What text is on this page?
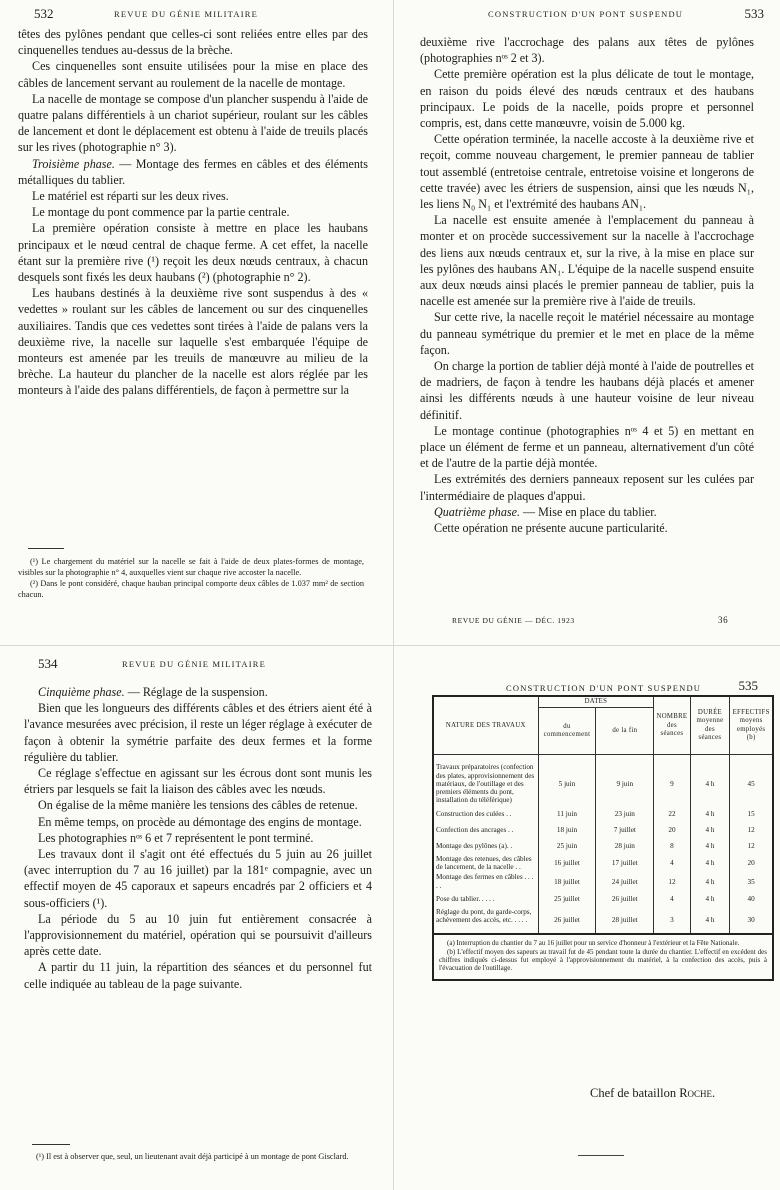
532	REVUE DU GÉNIE MILITAIRE

têtes des pylônes pendant que celles-ci sont reliées entre elles par des cinquenelles tendues au-dessus de la brèche.

Ces cinquenelles sont ensuite utilisées pour la mise en place des câbles de lancement servant au roulement de la nacelle de montage.

La nacelle de montage se compose d'un plancher suspendu à l'aide de quatre palans différentiels à un chariot supérieur, roulant sur les câbles de lancement et dont le déplacement est obtenu à l'aide de treuils placés sur les rives (photographie n° 3).

Troisième phase. — Montage des fermes en câbles et des éléments métalliques du tablier.

Le matériel est réparti sur les deux rives.

Le montage du pont commence par la partie centrale.

La première opération consiste à mettre en place les haubans principaux et le nœud central de chaque ferme. A cet effet, la nacelle étant sur la première rive (¹) reçoit les deux nœuds centraux, à chacun desquels sont fixés les deux haubans (²) (photographie n° 2).

Les haubans destinés à la deuxième rive sont suspendus à des « vedettes » roulant sur les câbles de lancement ou sur des cinquenelles auxiliaires. Tandis que ces vedettes sont tirées à l'aide de palans vers la deuxième rive, la nacelle sur laquelle s'est embarquée l'équipe de monteurs est amenée par les treuils de manœuvre au milieu de la brèche. La hauteur du plancher de la nacelle est alors réglée par les monteurs à l'aide des palans différentiels, de façon à permettre sur la

(¹) Le chargement du matériel sur la nacelle se fait à l'aide de deux plates-formes de montage, visibles sur la photographie n° 4, auxquelles vient sur chaque rive accoster la nacelle.

(²) Dans le pont considéré, chaque hauban principal comporte deux câbles de 1.037 mm² de section chacun.

CONSTRUCTION D'UN PONT SUSPENDU	533

deuxième rive l'accrochage des palans aux têtes de pylônes (photographies nᵒˢ 2 et 3).

Cette première opération est la plus délicate de tout le montage, en raison du poids élevé des nœuds centraux et des haubans principaux. Le poids de la nacelle, poids propre et personnel compris, est, dans cette manœuvre, voisin de 5.000 kg.

Cette opération terminée, la nacelle accoste à la deuxième rive et reçoit, comme nouveau chargement, le premier panneau de tablier tout assemblé (entretoise centrale, entretoise voisine et longerons de cette travée) avec les étriers de suspension, ainsi que les nœuds N₁, les liens N₀ N₁ et l'extrémité des haubans AN₁.

La nacelle est ensuite amenée à l'emplacement du panneau à monter et on procède successivement sur la nacelle à l'accrochage des liens aux nœuds centraux et, sur la rive, à la mise en place sur les pylônes des haubans AN₁. L'équipe de la nacelle suspend ensuite aux deux nœuds ainsi placés le premier panneau de tablier, puis la nacelle est amenée sur la première rive à l'aide de treuils.

Sur cette rive, la nacelle reçoit le matériel nécessaire au montage du panneau symétrique du premier et le met en place de la même façon.

On charge la portion de tablier déjà monté à l'aide de poutrelles et de madriers, de façon à tendre les haubans déjà placés et amener ainsi les différents nœuds à une hauteur voisine de leur niveau définitif.

Le montage continue (photographies nᵒˢ 4 et 5) en mettant en place un élément de ferme et un panneau, alternativement d'un côté et de l'autre de la partie déjà montée.

Les extrémités des derniers panneaux reposent sur les culées par l'intermédiaire de plaques d'appui.

Quatrième phase. — Mise en place du tablier.

Cette opération ne présente aucune particularité.

REVUE DU GÉNIE — DÉC. 1923	36
534	REVUE DU GÉNIE MILITAIRE

Cinquième phase. — Réglage de la suspension.

Bien que les longueurs des différents câbles et des étriers aient été à l'avance mesurées avec précision, il reste un léger réglage à exécuter de façon à obtenir la symétrie parfaite des deux fermes et la forme régulière du tablier.

Ce réglage s'effectue en agissant sur les écrous dont sont munis les étriers par lesquels se fait la liaison des câbles avec les nœuds.

On égalise de la même manière les tensions des câbles de retenue.

En même temps, on procède au démontage des engins de montage.

Les photographies nᵒˢ 6 et 7 représentent le pont terminé.

Les travaux dont il s'agit ont été effectués du 5 juin au 26 juillet (avec interruption du 7 au 16 juillet) par la 181ᵉ compagnie, avec un effectif moyen de 45 caporaux et sapeurs encadrés par 2 officiers et 4 sous-officiers (¹).

La période du 5 au 10 juin fut entièrement consacrée à l'approvisionnement du matériel, opération qui se poursuivit d'ailleurs après cette date.

A partir du 11 juin, la répartition des séances et du personnel fut celle indiquée au tableau de la page suivante.

(¹) Il est à observer que, seul, un lieutenant avait déjà participé à un montage de pont Gisclard.

CONSTRUCTION D'UN PONT SUSPENDU	535
NATURE DES TRAVAUX	DATES		NOMBRE des séances	DURÉE moyenne des séances	EFFECTIFS moyens employés (b)
	du commencement	de la fin			
Travaux préparatoires (confection des plates, approvisionnement des matériaux, de l'outillage et des premiers éléments du pont, installation du téléférique)	5 juin	9 juin	9	4 h	45
Construction des culées . .	11 juin	23 juin	22	4 h	15
Confection des ancrages . .	18 juin	7 juillet	20	4 h	12
Montage des pylônes (a). .	25 juin	28 juin	8	4 h	12
Montage des retenues, des câbles de lancement, de la nacelle . .	16 juillet	17 juillet	4	4 h	20
Montage des fermes en câbles . . . . .	18 juillet	24 juillet	12	4 h	35
Pose du tablier. . . . .	25 juillet	26 juillet	4	4 h	40
Réglage du pont, du garde-corps, achèvement des accès, etc. . . . .	26 juillet	28 juillet	3	4 h	30

(a) Interruption du chantier du 7 au 16 juillet pour un service d'honneur à l'extérieur et la Fête Nationale.

(b) L'effectif moyen des sapeurs au travail fut de 45 pendant toute la durée du chantier. L'effectif en excédent des chiffres indiqués ci-dessus fut employé à l'approvisionnement du matériel, à la confection des accès, puis à l'évacuation de l'outillage.					

Chef de bataillon Roche.
